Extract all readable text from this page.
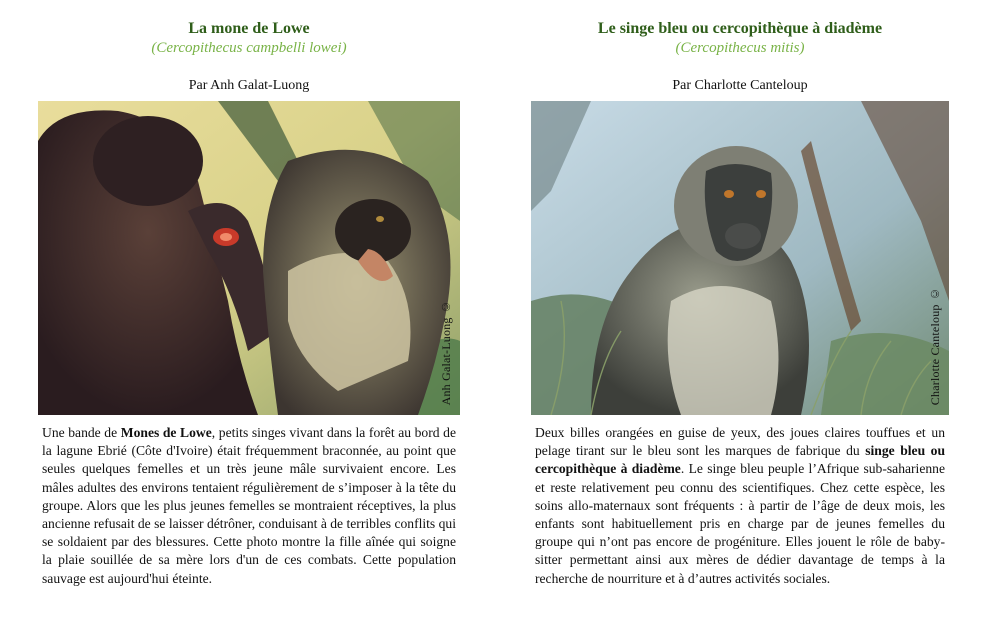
La mone de Lowe
(Cercopithecus campbelli lowei)
Par Anh Galat-Luong
Anh Galat-Luong ©
Une bande de Mones de Lowe, petits singes vivant dans la forêt au bord de la lagune Ebrié (Côte d'Ivoire) était fréquemment braconnée, au point que seules quelques femelles et un très jeune mâle survivaient encore. Les mâles adultes des environs tentaient régulièrement de s’imposer à la tête du groupe. Alors que les plus jeunes femelles se montraient réceptives, la plus ancienne refusait de se laisser détrôner, conduisant à de terribles conflits qui se soldaient par des blessures. Cette photo montre la fille aînée qui soigne la plaie souillée de sa mère lors d'un de ces combats. Cette population sauvage est aujourd'hui éteinte.
Le singe bleu ou cercopithèque à diadème
(Cercopithecus mitis)
Par Charlotte Canteloup
Charlotte Canteloup ©
Deux billes orangées en guise de yeux, des joues claires touffues et un pelage tirant sur le bleu sont les marques de fabrique du singe bleu ou cercopithèque à diadème. Le singe bleu peuple l’Afrique sub-saharienne et reste relativement peu connu des scientifiques. Chez cette espèce, les soins allo-maternaux sont fréquents : à partir de l’âge de deux mois, les enfants sont habituellement pris en charge par de jeunes femelles du groupe qui n’ont pas encore de progéniture. Elles jouent le rôle de baby-sitter permettant ainsi aux mères de dédier davantage de temps à la recherche de nourriture et à d’autres activités sociales.
